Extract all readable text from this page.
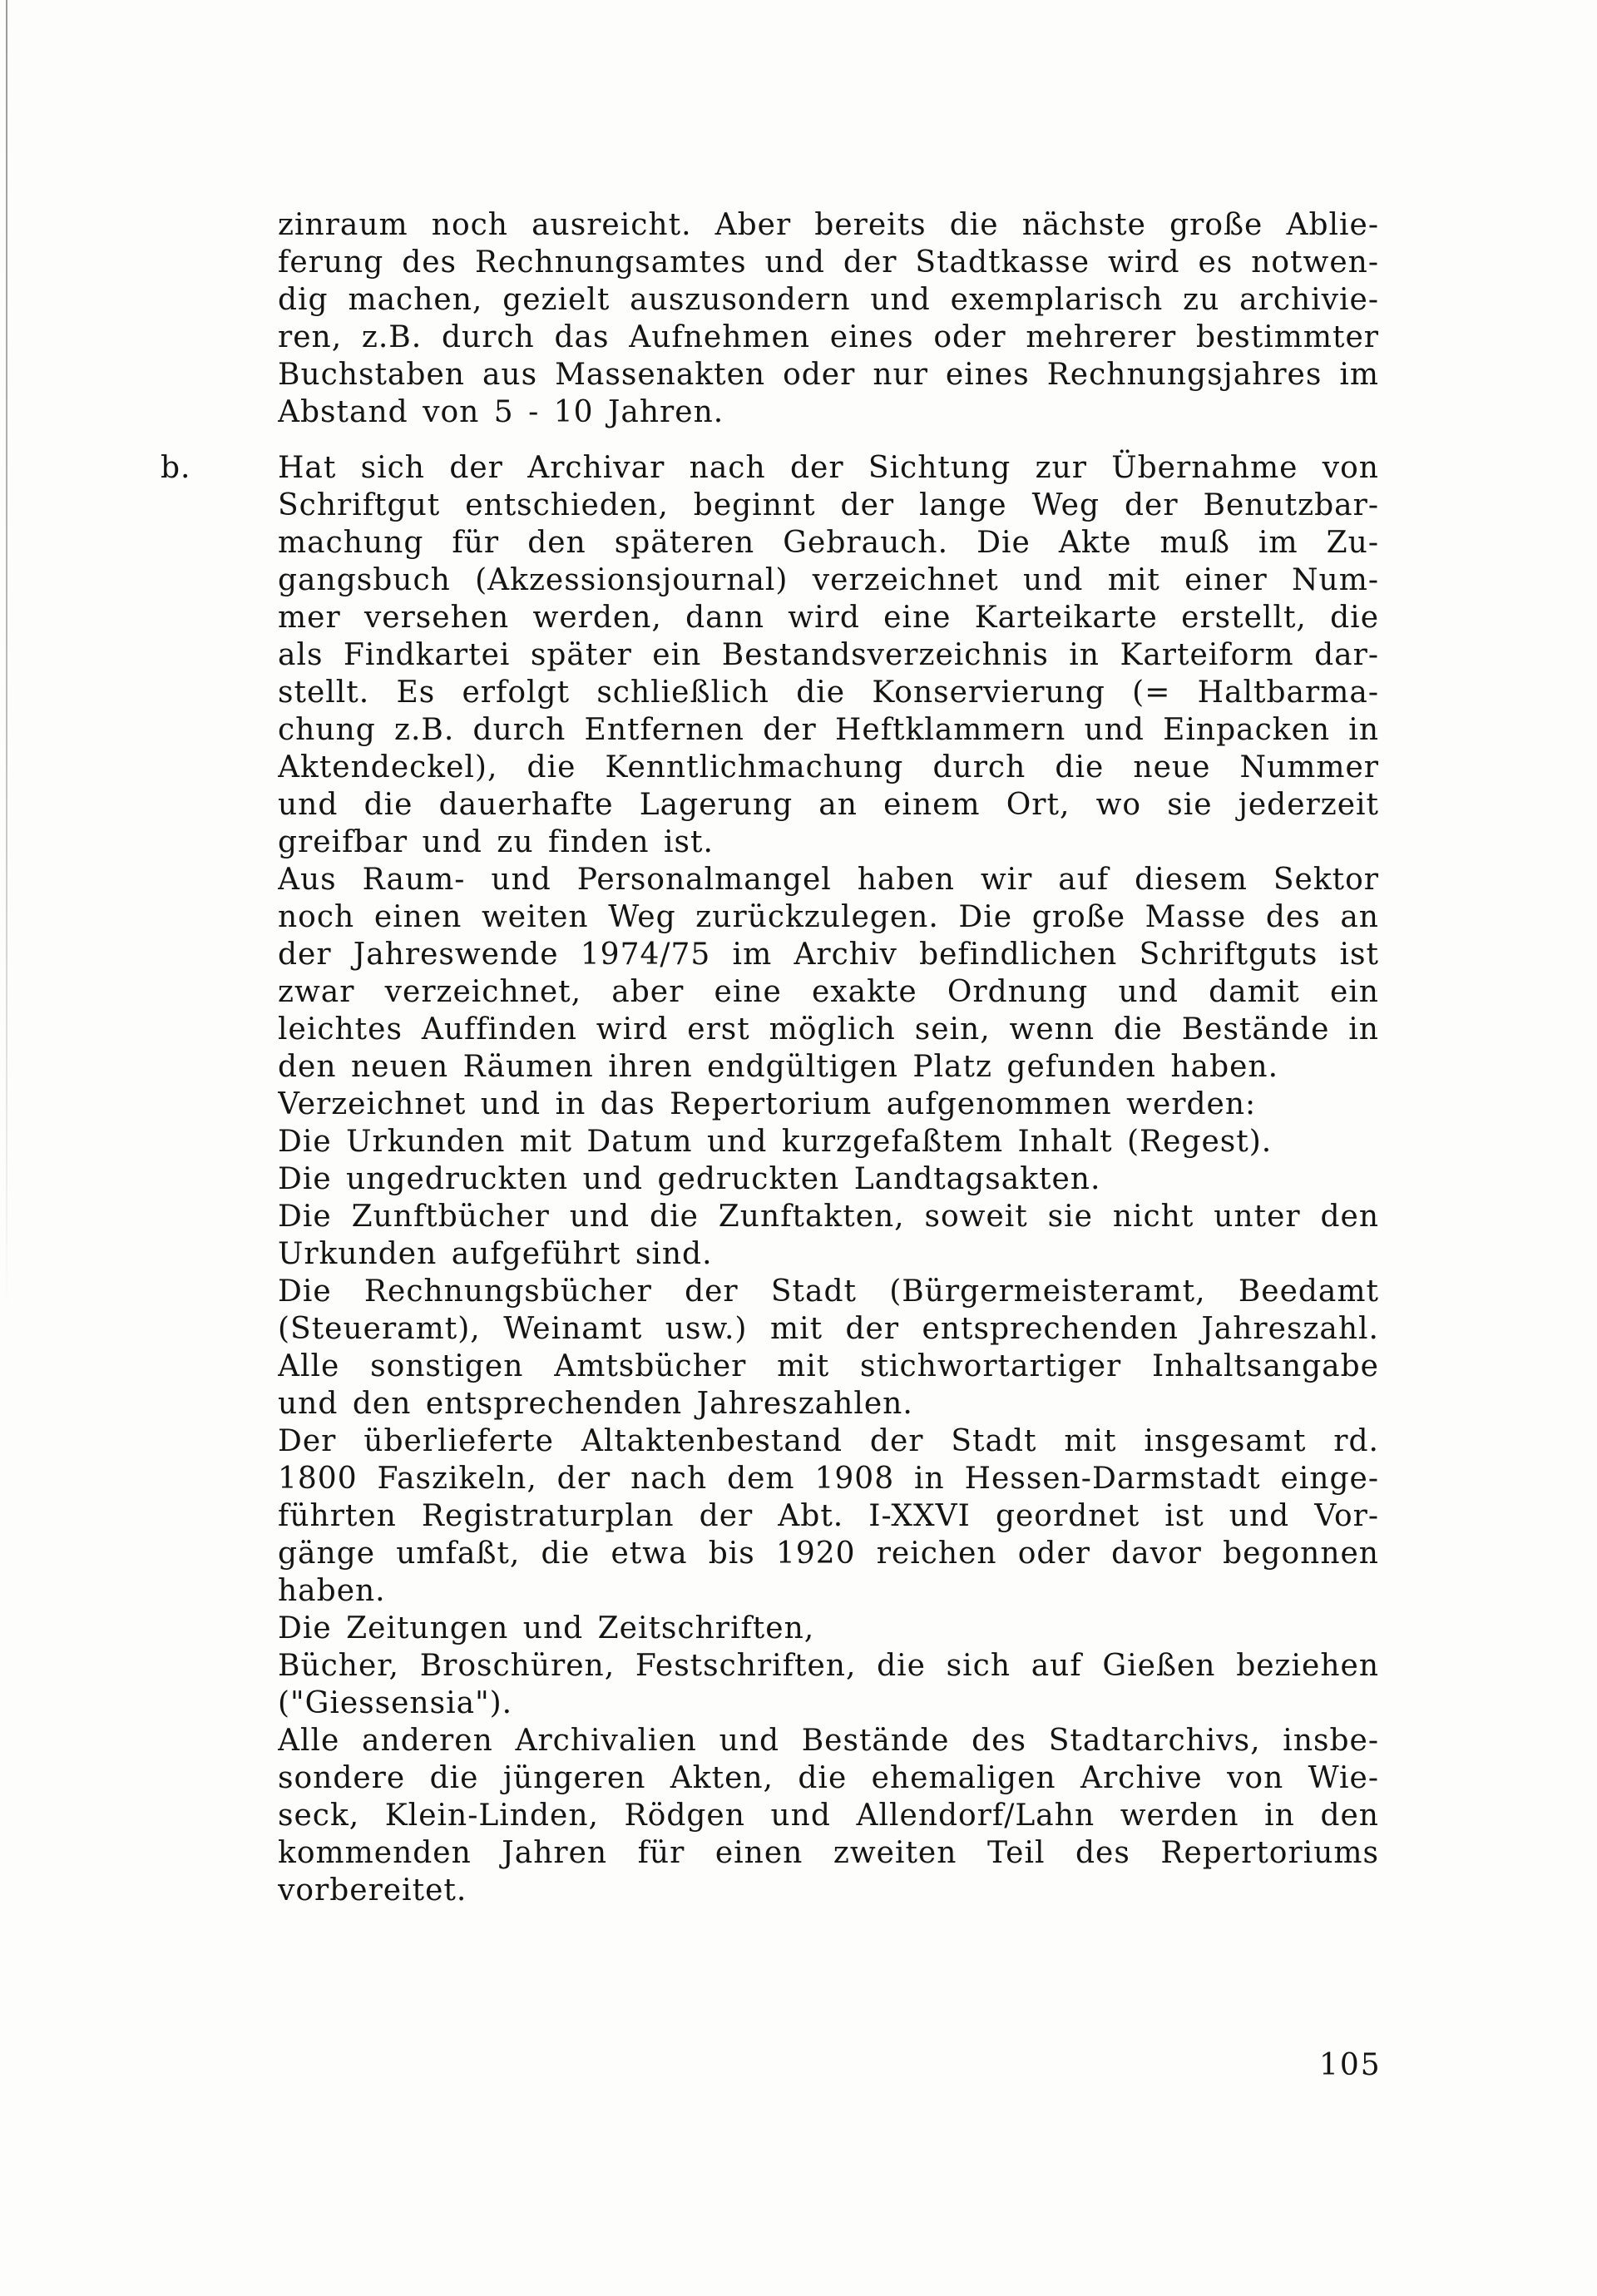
zinraum noch ausreicht. Aber bereits die nächste große Ablie-
ferung des Rechnungsamtes und der Stadtkasse wird es notwen-
dig machen, gezielt auszusondern und exemplarisch zu archivie-
ren, z.B. durch das Aufnehmen eines oder mehrerer bestimmter
Buchstaben aus Massenakten oder nur eines Rechnungsjahres im
Abstand von 5 - 10 Jahren.
b.	Hat sich der Archivar nach der Sichtung zur Übernahme von
Schriftgut entschieden, beginnt der lange Weg der Benutzbar-
machung für den späteren Gebrauch. Die Akte muß im Zu-
gangsbuch (Akzessionsjournal) verzeichnet und mit einer Num-
mer versehen werden, dann wird eine Karteikarte erstellt, die
als Findkartei später ein Bestandsverzeichnis in Karteiform dar-
stellt. Es erfolgt schließlich die Konservierung (= Haltbarma-
chung z.B. durch Entfernen der Heftklammern und Einpacken in
Aktendeckel), die Kenntlichmachung durch die neue Nummer
und die dauerhafte Lagerung an einem Ort, wo sie jederzeit
greifbar und zu finden ist.
Aus Raum- und Personalmangel haben wir auf diesem Sektor
noch einen weiten Weg zurückzulegen. Die große Masse des an
der Jahreswende 1974/75 im Archiv befindlichen Schriftguts ist
zwar verzeichnet, aber eine exakte Ordnung und damit ein
leichtes Auffinden wird erst möglich sein, wenn die Bestände in
den neuen Räumen ihren endgültigen Platz gefunden haben.
Verzeichnet und in das Repertorium aufgenommen werden:
Die Urkunden mit Datum und kurzgefaßtem Inhalt (Regest).
Die ungedruckten und gedruckten Landtagsakten.
Die Zunftbücher und die Zunftakten, soweit sie nicht unter den
Urkunden aufgeführt sind.
Die Rechnungsbücher der Stadt (Bürgermeisteramt, Beedamt
(Steueramt), Weinamt usw.) mit der entsprechenden Jahreszahl.
Alle sonstigen Amtsbücher mit stichwortartiger Inhaltsangabe
und den entsprechenden Jahreszahlen.
Der überlieferte Altaktenbestand der Stadt mit insgesamt rd.
1800 Faszikeln, der nach dem 1908 in Hessen-Darmstadt einge-
führten Registraturplan der Abt. I-XXVI geordnet ist und Vor-
gänge umfaßt, die etwa bis 1920 reichen oder davor begonnen
haben.
Die Zeitungen und Zeitschriften,
Bücher, Broschüren, Festschriften, die sich auf Gießen beziehen
("Giessensia").
Alle anderen Archivalien und Bestände des Stadtarchivs, insbe-
sondere die jüngeren Akten, die ehemaligen Archive von Wie-
seck, Klein-Linden, Rödgen und Allendorf/Lahn werden in den
kommenden Jahren für einen zweiten Teil des Repertoriums
vorbereitet.
105
